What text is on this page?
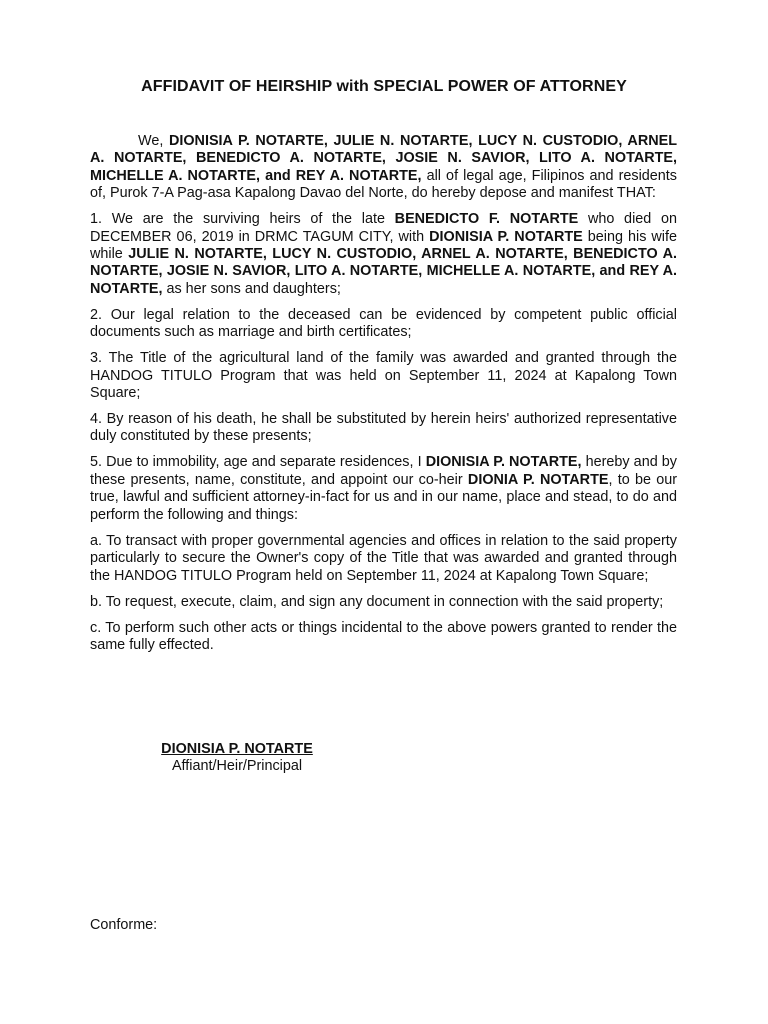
AFFIDAVIT OF HEIRSHIP with SPECIAL POWER OF ATTORNEY

We, DIONISIA P. NOTARTE, JULIE N. NOTARTE, LUCY N. CUSTODIO, ARNEL A. NOTARTE, BENEDICTO A. NOTARTE, JOSIE N. SAVIOR, LITO A. NOTARTE, MICHELLE A. NOTARTE, and REY A. NOTARTE, all of legal age, Filipinos and residents of, Purok 7-A Pag-asa Kapalong Davao del Norte, do hereby depose and manifest THAT:

1. We are the surviving heirs of the late BENEDICTO F. NOTARTE who died on DECEMBER 06, 2019 in DRMC TAGUM CITY, with DIONISIA P. NOTARTE being his wife while JULIE N. NOTARTE, LUCY N. CUSTODIO, ARNEL A. NOTARTE, BENEDICTO A. NOTARTE, JOSIE N. SAVIOR, LITO A. NOTARTE, MICHELLE A. NOTARTE, and REY A. NOTARTE, as her sons and daughters;

2. Our legal relation to the deceased can be evidenced by competent public official documents such as marriage and birth certificates;

3. The Title of the agricultural land of the family was awarded and granted through the HANDOG TITULO Program that was held on September 11, 2024 at Kapalong Town Square;

4. By reason of his death, he shall be substituted by herein heirs' authorized representative duly constituted by these presents;

5. Due to immobility, age and separate residences, I DIONISIA P. NOTARTE, hereby and by these presents, name, constitute, and appoint our co-heir DIONIA P. NOTARTE, to be our true, lawful and sufficient attorney-in-fact for us and in our name, place and stead, to do and perform the following and things:

a. To transact with proper governmental agencies and offices in relation to the said property particularly to secure the Owner's copy of the Title that was awarded and granted through the HANDOG TITULO Program held on September 11, 2024 at Kapalong Town Square;

b. To request, execute, claim, and sign any document in connection with the said property;

c. To perform such other acts or things incidental to the above powers granted to render the same fully effected.

DIONISIA P. NOTARTE
Affiant/Heir/Principal
Conforme:
